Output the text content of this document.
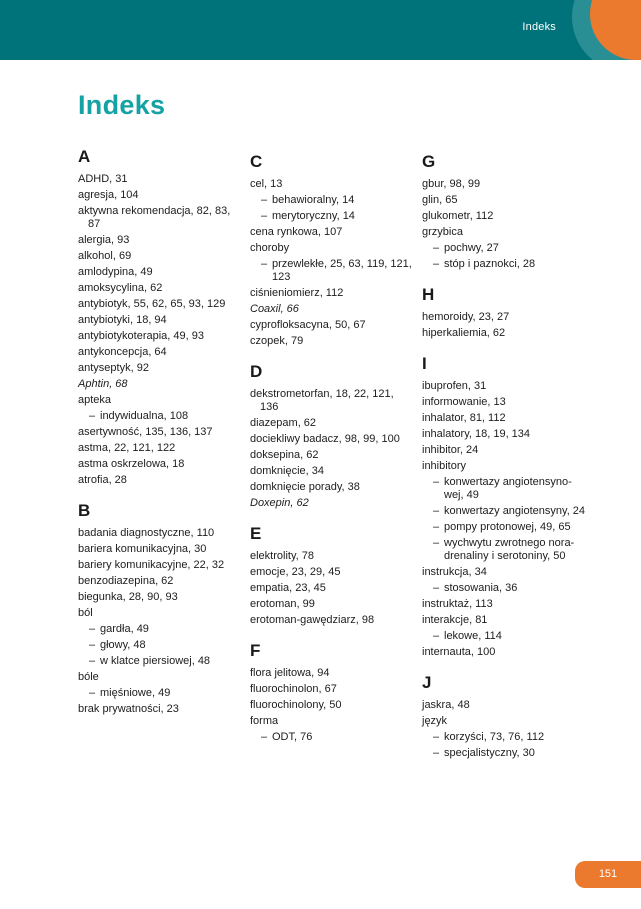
Indeks
Indeks
A
ADHD, 31
agresja, 104
aktywna rekomendacja, 82, 83, 87
alergia, 93
alkohol, 69
amlodypina, 49
amoksycylina, 62
antybiotyk, 55, 62, 65, 93, 129
antybiotyki, 18, 94
antybiotykoterapia, 49, 93
antykoncepcja, 64
antyseptyk, 92
Aphtin, 68
apteka
– indywidualna, 108
asertywność, 135, 136, 137
astma, 22, 121, 122
astma oskrzelowa, 18
atrofia, 28
B
badania diagnostyczne, 110
bariera komunikacyjna, 30
bariery komunikacyjne, 22, 32
benzodiazepina, 62
biegunka, 28, 90, 93
ból
– gardła, 49
– głowy, 48
– w klatce piersiowej, 48
bóle
– mięśniowe, 49
brak prywatności, 23
C
cel, 13
– behawioralny, 14
– merytoryczny, 14
cena rynkowa, 107
choroby
– przewlekłe, 25, 63, 119, 121, 123
ciśnieniomierz, 112
Coaxil, 66
cyprofloksacyna, 50, 67
czopek, 79
D
dekstrometorfan, 18, 22, 121, 136
diazepam, 62
dociekliwy badacz, 98, 99, 100
doksepina, 62
domknięcie, 34
domknięcie porady, 38
Doxepin, 62
E
elektrolity, 78
emocje, 23, 29, 45
empatia, 23, 45
erotoman, 99
erotoman-gawędziarz, 98
F
flora jelitowa, 94
fluorochinolon, 67
fluorochinolony, 50
forma
– ODT, 76
G
gbur, 98, 99
glin, 65
glukometr, 112
grzybica
– pochwy, 27
– stóp i paznokci, 28
H
hemoroidy, 23, 27
hiperkaliemia, 62
I
ibuprofen, 31
informowanie, 13
inhalator, 81, 112
inhalatory, 18, 19, 134
inhibitor, 24
inhibitory
– konwertazy angiotensyno-wej, 49
– konwertazy angiotensyny, 24
– pompy protonowej, 49, 65
– wychwytu zwrotnego nora-drenaliny i serotoniny, 50
instrukcja, 34
– stosowania, 36
instruktaż, 113
interakcje, 81
– lekowe, 114
internauta, 100
J
jaskra, 48
język
– korzyści, 73, 76, 112
– specjalistyczny, 30
151
